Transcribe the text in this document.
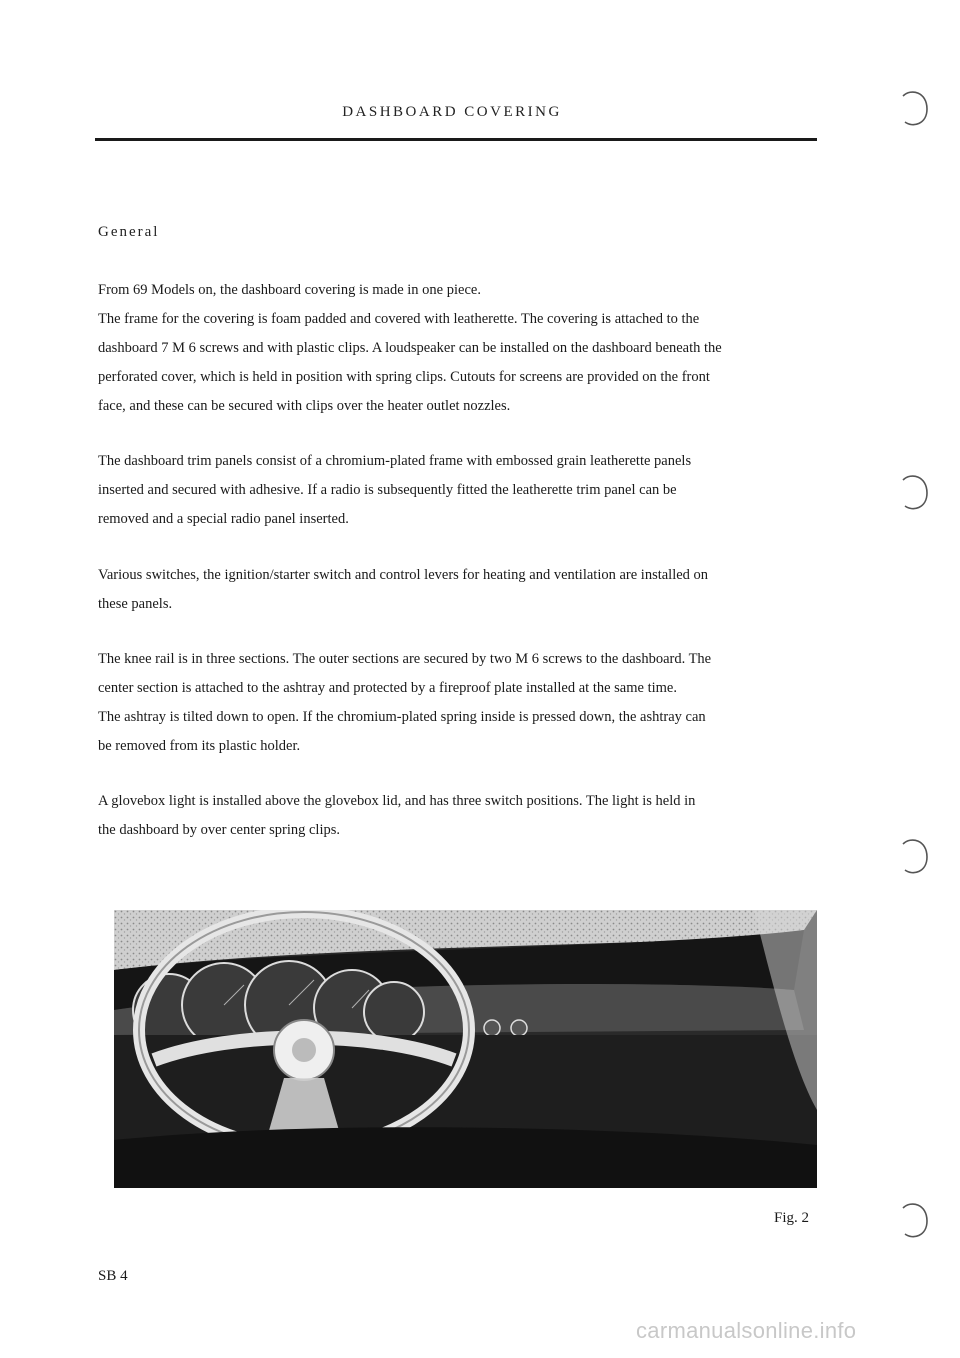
DASHBOARD COVERING
General
From 69 Models on, the dashboard covering is made in one piece.
The frame for the covering is foam padded and covered with leatherette. The covering is attached to the
dashboard 7 M 6 screws and with plastic clips. A loudspeaker can be installed on the dashboard beneath the
perforated cover, which is held in position with spring clips. Cutouts for screens are provided on the front
face, and these can be secured with clips over the heater outlet nozzles.
The dashboard trim panels consist of a chromium-plated frame with embossed grain leatherette panels
inserted and secured with adhesive. If a radio is subsequently fitted the leatherette trim panel can be
removed and a special radio panel inserted.
Various switches, the ignition/starter switch and control levers for heating and ventilation are installed on
these panels.
The knee rail is in three sections. The outer sections are secured by two M 6 screws to the dashboard. The
center section is attached to the ashtray and protected by a fireproof plate installed at the same time.
The ashtray is tilted down to open. If the chromium-plated spring inside is pressed down, the ashtray can
be removed from its plastic holder.
A glovebox light is installed above the glovebox lid, and has three switch positions. The light is held in
the dashboard by over center spring clips.
Fig. 2
SB 4
carmanualsonline.info
